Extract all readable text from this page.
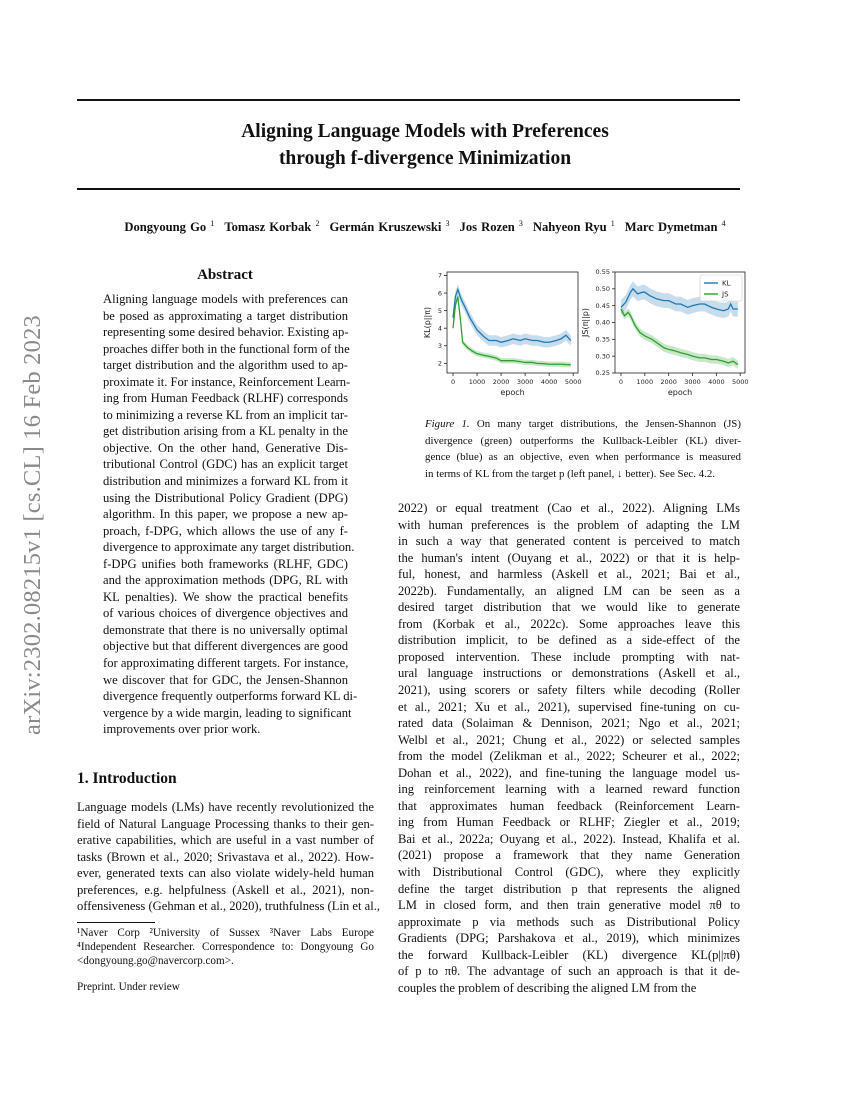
arXiv:2302.08215v1 [cs.CL] 16 Feb 2023
Aligning Language Models with Preferences
through f-divergence Minimization
Dongyoung Go $^1$ Tomasz Korbak $^2$ Germán Kruszewski $^3$ Jos Rozen $^3$ Nahyeon Ryu $^1$ Marc Dymetman $^4$
Abstract
Aligning language models with preferences can
be posed as approximating a target distribution
representing some desired behavior. Existing ap-
proaches differ both in the functional form of the
target distribution and the algorithm used to ap-
proximate it. For instance, Reinforcement Learn-
ing from Human Feedback (RLHF) corresponds
to minimizing a reverse KL from an implicit tar-
get distribution arising from a KL penalty in the
objective. On the other hand, Generative Dis-
tributional Control (GDC) has an explicit target
distribution and minimizes a forward KL from it
using the Distributional Policy Gradient (DPG)
algorithm. In this paper, we propose a new ap-
proach, f-DPG, which allows the use of any f-
divergence to approximate any target distribution.
f-DPG unifies both frameworks (RLHF, GDC)
and the approximation methods (DPG, RL with
KL penalties). We show the practical benefits
of various choices of divergence objectives and
demonstrate that there is no universally optimal
objective but that different divergences are good
for approximating different targets. For instance,
we discover that for GDC, the Jensen-Shannon
divergence frequently outperforms forward KL di-
vergence by a wide margin, leading to significant
improvements over prior work.
1. Introduction
Language models (LMs) have recently revolutionized the
field of Natural Language Processing thanks to their gen-
erative capabilities, which are useful in a vast number of
tasks (Brown et al., 2020; Srivastava et al., 2022). How-
ever, generated texts can also violate widely-held human
preferences, e.g. helpfulness (Askell et al., 2021), non-
offensiveness (Gehman et al., 2020), truthfulness (Lin et al.,
¹Naver Corp ²University of Sussex ³Naver Labs Europe
⁴Independent Researcher. Correspondence to: Dongyoung Go
<dongyoung.go@navercorp.com>.
Preprint. Under review
0 1000 2000 3000 4000 5000
2
3
4
5
6
7
epoch
KL(p||π)
0 1000 2000 3000 4000 5000
0.25
0.30
0.35
0.40
0.45
0.50
0.55
epoch
JS(π||p)
KL
JS
Figure 1. On many target distributions, the Jensen-Shannon (JS)
divergence (green) outperforms the Kullback-Leibler (KL) diver-
gence (blue) as an objective, even when performance is measured
in terms of KL from the target p (left panel, ↓ better). See Sec. 4.2.
2022) or equal treatment (Cao et al., 2022). Aligning LMs
with human preferences is the problem of adapting the LM
in such a way that generated content is perceived to match
the human's intent (Ouyang et al., 2022) or that it is help-
ful, honest, and harmless (Askell et al., 2021; Bai et al.,
2022b). Fundamentally, an aligned LM can be seen as a
desired target distribution that we would like to generate
from (Korbak et al., 2022c). Some approaches leave this
distribution implicit, to be defined as a side-effect of the
proposed intervention. These include prompting with nat-
ural language instructions or demonstrations (Askell et al.,
2021), using scorers or safety filters while decoding (Roller
et al., 2021; Xu et al., 2021), supervised fine-tuning on cu-
rated data (Solaiman & Dennison, 2021; Ngo et al., 2021;
Welbl et al., 2021; Chung et al., 2022) or selected samples
from the model (Zelikman et al., 2022; Scheurer et al., 2022;
Dohan et al., 2022), and fine-tuning the language model us-
ing reinforcement learning with a learned reward function
that approximates human feedback (Reinforcement Learn-
ing from Human Feedback or RLHF; Ziegler et al., 2019;
Bai et al., 2022a; Ouyang et al., 2022). Instead, Khalifa et al.
(2021) propose a framework that they name Generation
with Distributional Control (GDC), where they explicitly
define the target distribution p that represents the aligned
LM in closed form, and then train generative model πθ to
approximate p via methods such as Distributional Policy
Gradients (DPG; Parshakova et al., 2019), which minimizes
the forward Kullback-Leibler (KL) divergence KL(p||πθ)
of p to πθ. The advantage of such an approach is that it de-
couples the problem of describing the aligned LM from the
